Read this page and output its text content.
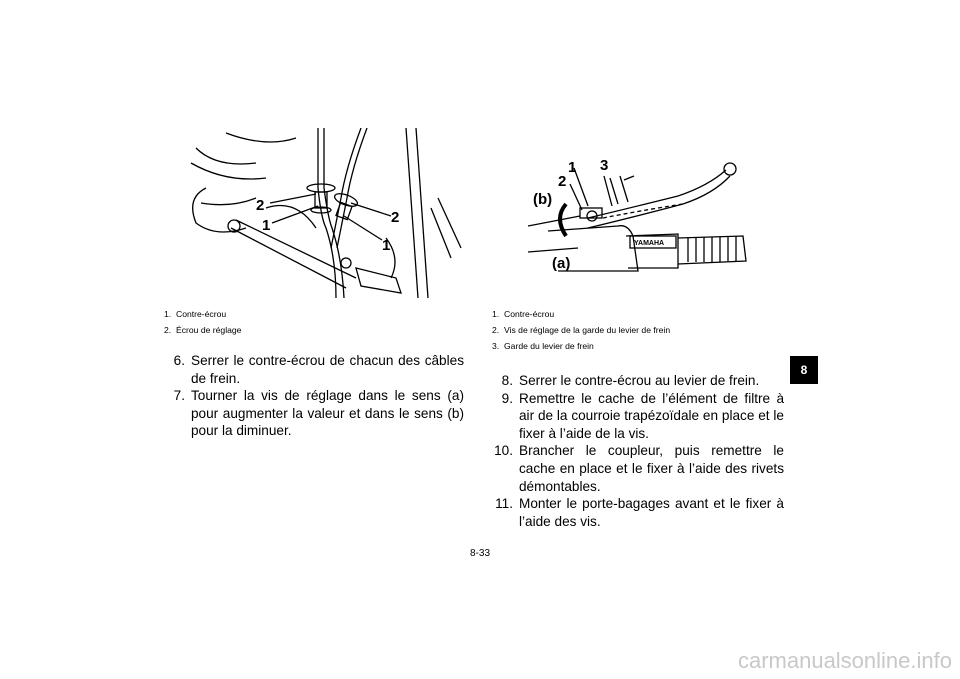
2
1	2
1
1 3
2
(b)
(a)
YAMAHA
1. Contre-écrou
2. Écrou de réglage
6. Serrer le contre-écrou de chacun des câbles de frein.
7. Tourner la vis de réglage dans le sens (a) pour augmenter la valeur et dans le sens (b) pour la diminuer.
1. Contre-écrou
2. Vis de réglage de la garde du levier de frein
3. Garde du levier de frein
8. Serrer le contre-écrou au levier de frein.
9. Remettre le cache de l’élément de filtre à air de la courroie trapézoïdale en place et le fixer à l’aide de la vis.
10. Brancher le coupleur, puis remettre le cache en place et le fixer à l’aide des rivets démontables.
11. Monter le porte-bagages avant et le fixer à l’aide des vis.
8
8-33
carmanualsonline.info
